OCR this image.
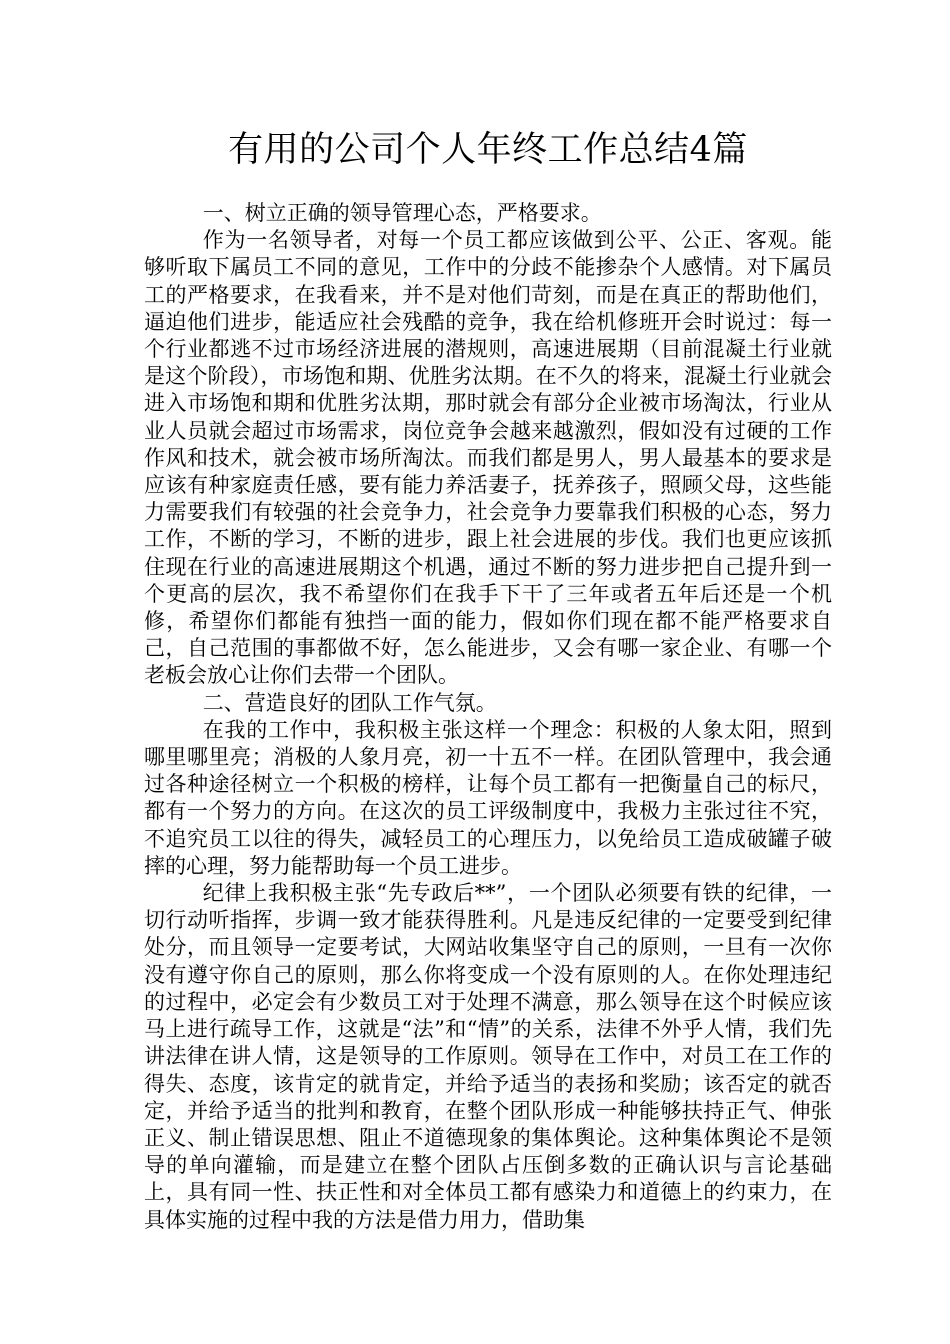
有用的公司个人年终工作总结4篇

一、树立正确的领导管理心态，严格要求。

作为一名领导者，对每一个员工都应该做到公平、公正、客观。能够听取下属员工不同的意见，工作中的分歧不能掺杂个人感情。对下属员工的严格要求，在我看来，并不是对他们苛刻，而是在真正的帮助他们，逼迫他们进步，能适应社会残酷的竞争，我在给机修班开会时说过：每一个行业都逃不过市场经济进展的潜规则，高速进展期（目前混凝土行业就是这个阶段），市场饱和期、优胜劣汰期。在不久的将来，混凝土行业就会进入市场饱和期和优胜劣汰期，那时就会有部分企业被市场淘汰，行业从业人员就会超过市场需求，岗位竞争会越来越激烈，假如没有过硬的工作作风和技术，就会被市场所淘汰。而我们都是男人，男人最基本的要求是应该有种家庭责任感，要有能力养活妻子，抚养孩子，照顾父母，这些能力需要我们有较强的社会竞争力，社会竞争力要靠我们积极的心态，努力工作，不断的学习，不断的进步，跟上社会进展的步伐。我们也更应该抓住现在行业的高速进展期这个机遇，通过不断的努力进步把自己提升到一个更高的层次，我不希望你们在我手下干了三年或者五年后还是一个机修，希望你们都能有独挡一面的能力，假如你们现在都不能严格要求自己，自己范围的事都做不好，怎么能进步，又会有哪一家企业、有哪一个老板会放心让你们去带一个团队。

二、营造良好的团队工作气氛。

在我的工作中，我积极主张这样一个理念：积极的人象太阳，照到哪里哪里亮；消极的人象月亮，初一十五不一样。在团队管理中，我会通过各种途径树立一个积极的榜样，让每个员工都有一把衡量自己的标尺，都有一个努力的方向。在这次的员工评级制度中，我极力主张过往不究，不追究员工以往的得失，减轻员工的心理压力，以免给员工造成破罐子破摔的心理，努力能帮助每一个员工进步。

纪律上我积极主张“先专政后**”，一个团队必须要有铁的纪律，一切行动听指挥，步调一致才能获得胜利。凡是违反纪律的一定要受到纪律处分，而且领导一定要考试，大网站收集坚守自己的原则，一旦有一次你没有遵守你自己的原则，那么你将变成一个没有原则的人。在你处理违纪的过程中，必定会有少数员工对于处理不满意，那么领导在这个时候应该马上进行疏导工作，这就是“法”和“情”的关系，法律不外乎人情，我们先讲法律在讲人情，这是领导的工作原则。领导在工作中，对员工在工作的得失、态度，该肯定的就肯定，并给予适当的表扬和奖励；该否定的就否定，并给予适当的批判和教育，在整个团队形成一种能够扶持正气、伸张正义、制止错误思想、阻止不道德现象的集体舆论。这种集体舆论不是领导的单向灌输，而是建立在整个团队占压倒多数的正确认识与言论基础上，具有同一性、扶正性和对全体员工都有感染力和道德上的约束力，在具体实施的过程中我的方法是借力用力，借助集
